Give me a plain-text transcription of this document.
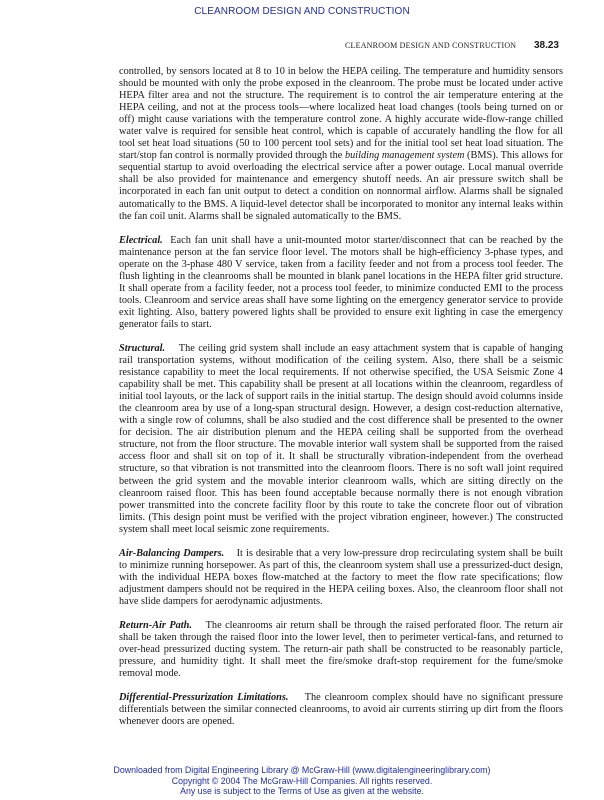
CLEANROOM DESIGN AND CONSTRUCTION
CLEANROOM DESIGN AND CONSTRUCTION 38.23

controlled, by sensors located at 8 to 10 in below the HEPA ceiling. The temperature and humidity sensors should be mounted with only the probe exposed in the cleanroom. The probe must be located under active HEPA filter area and not the structure. The requirement is to control the air temperature entering at the HEPA ceiling, and not at the process tools—where localized heat load changes (tools being turned on or off) might cause variations with the temperature control zone. A highly accurate wide-flow-range chilled water valve is required for sensible heat control, which is capable of accurately handling the flow for all tool set heat load situations (50 to 100 percent tool sets) and for the initial tool set heat load situation. The start/stop fan control is normally provided through the building management system (BMS). This allows for sequential startup to avoid overloading the electrical service after a power outage. Local manual override shall be also provided for maintenance and emergency shutoff needs. An air pressure switch shall be incorporated in each fan unit output to detect a condition on nonnormal airflow. Alarms shall be signaled automatically to the BMS. A liquid-level detector shall be incorporated to monitor any internal leaks within the fan coil unit. Alarms shall be signaled automatically to the BMS.

Electrical. Each fan unit shall have a unit-mounted motor starter/disconnect that can be reached by the maintenance person at the fan service floor level. The motors shall be high-efficiency 3-phase types, and operate on the 3-phase 480 V service, taken from a facility feeder and not from a process tool feeder. The flush lighting in the cleanrooms shall be mounted in blank panel locations in the HEPA filter grid structure. It shall operate from a facility feeder, not a process tool feeder, to minimize conducted EMI to the process tools. Cleanroom and service areas shall have some lighting on the emergency generator service to provide exit lighting. Also, battery powered lights shall be provided to ensure exit lighting in case the emergency generator fails to start.

Structural. The ceiling grid system shall include an easy attachment system that is capable of hanging rail transportation systems, without modification of the ceiling system. Also, there shall be a seismic resistance capability to meet the local requirements. If not otherwise specified, the USA Seismic Zone 4 capability shall be met. This capability shall be present at all locations within the cleanroom, regardless of initial tool layouts, or the lack of support rails in the initial startup. The design should avoid columns inside the cleanroom area by use of a long-span structural design. However, a design cost-reduction alternative, with a single row of columns, shall be also studied and the cost difference shall be presented to the owner for decision. The air distribution plenum and the HEPA ceiling shall be supported from the overhead structure, not from the floor structure. The movable interior wall system shall be supported from the raised access floor and shall sit on top of it. It shall be structurally vibration-independent from the overhead structure, so that vibration is not transmitted into the cleanroom floors. There is no soft wall joint required between the grid system and the movable interior cleanroom walls, which are sitting directly on the cleanroom raised floor. This has been found acceptable because normally there is not enough vibration power transmitted into the concrete facility floor by this route to take the concrete floor out of vibration limits. (This design point must be verified with the project vibration engineer, however.) The constructed system shall meet local seismic zone requirements.

Air-Balancing Dampers. It is desirable that a very low-pressure drop recirculating system shall be built to minimize running horsepower. As part of this, the cleanroom system shall use a pressurized-duct design, with the individual HEPA boxes flow-matched at the factory to meet the flow rate specifications; flow adjustment dampers should not be required in the HEPA ceiling boxes. Also, the cleanroom floor shall not have slide dampers for aerodynamic adjustments.

Return-Air Path. The cleanrooms air return shall be through the raised perforated floor. The return air shall be taken through the raised floor into the lower level, then to perimeter vertical-fans, and returned to over-head pressurized ducting system. The return-air path shall be constructed to be reasonably particle, pressure, and humidity tight. It shall meet the fire/smoke draft-stop requirement for the fume/smoke removal mode.

Differential-Pressurization Limitations. The cleanroom complex should have no significant pressure differentials between the similar connected cleanrooms, to avoid air currents stirring up dirt from the floors whenever doors are opened.

Downloaded from Digital Engineering Library @ McGraw-Hill (www.digitalengineeringlibrary.com)
Copyright © 2004 The McGraw-Hill Companies. All rights reserved.
Any use is subject to the Terms of Use as given at the website.
